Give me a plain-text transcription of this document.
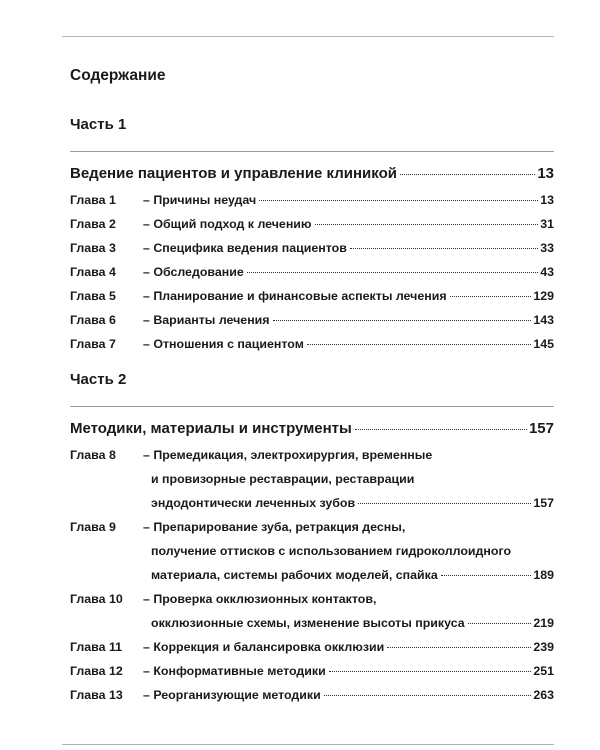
Содержание
Часть 1
Ведение пациентов и управление клиникой	13
Глава 1	– Причины неудач	13
Глава 2	– Общий подход к лечению	31
Глава 3	– Специфика ведения пациентов	33
Глава 4	– Обследование	43
Глава 5	– Планирование и финансовые аспекты лечения	129
Глава 6	– Варианты лечения	143
Глава 7	– Отношения с пациентом	145
Часть 2
Методики, материалы и инструменты	157
Глава 8	– Премедикация, электрохирургия, временные
и провизорные реставрации, реставрации
эндодонтически леченных зубов	157
Глава 9	– Препарирование зуба, ретракция десны,
получение оттисков с использованием гидроколлоидного
материала, системы рабочих моделей, спайка	189
Глава 10	– Проверка окклюзионных контактов,
окклюзионные схемы, изменение высоты прикуса	219
Глава 11	– Коррекция и балансировка окклюзии	239
Глава 12	– Конформативные методики	251
Глава 13	– Реорганизующие методики	263
